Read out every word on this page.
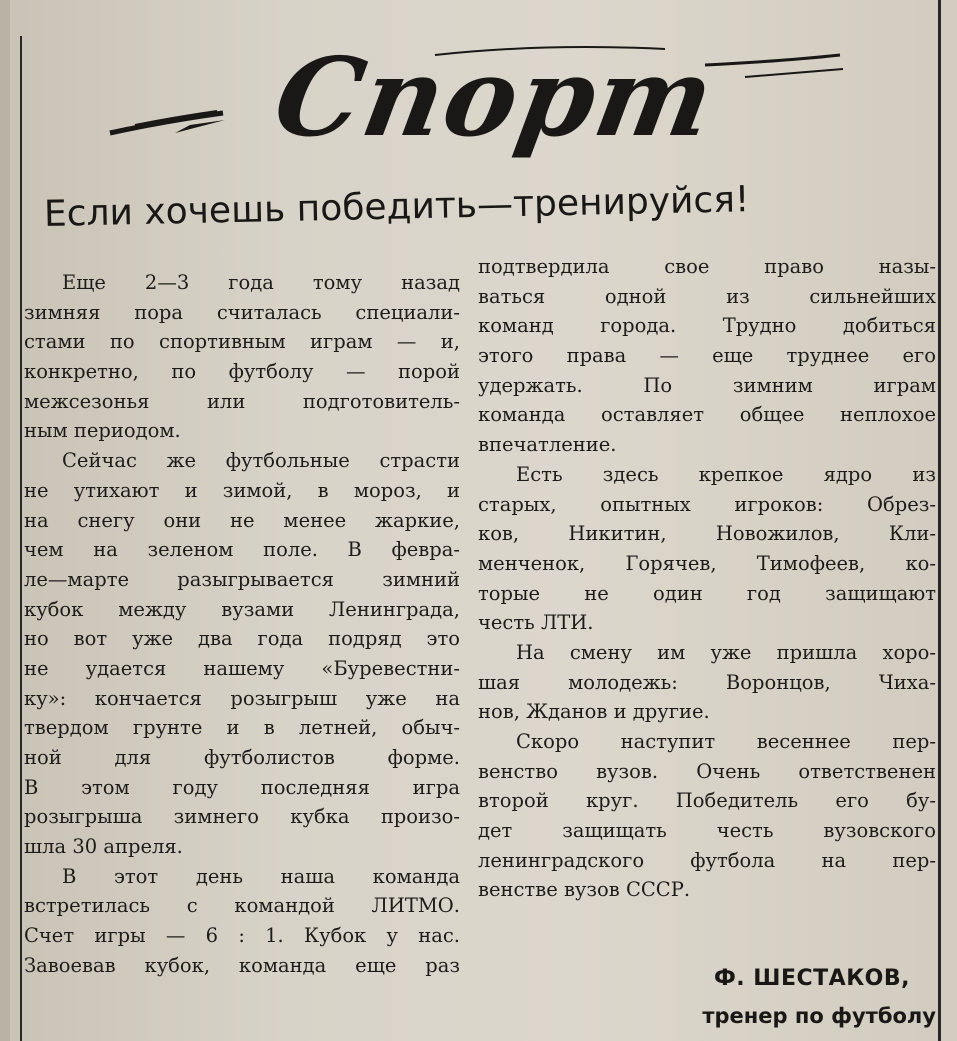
Спорт
Если хочешь победить—тренируйся!
Еще 2—3 года тому назад
зимняя пора считалась специали-
стами по спортивным играм — и,
конкретно, по футболу — порой
межсезонья или подготовитель-
ным периодом.
Сейчас же футбольные страсти
не утихают и зимой, в мороз, и
на снегу они не менее жаркие,
чем на зеленом поле. В февра-
ле—марте разыгрывается зимний
кубок между вузами Ленинграда,
но вот уже два года подряд это
не удается нашему «Буревестни-
ку»: кончается розыгрыш уже на
твердом грунте и в летней, обыч-
ной для футболистов форме.
В этом году последняя игра
розыгрыша зимнего кубка произо-
шла 30 апреля.
В этот день наша команда
встретилась с командой ЛИТМО.
Счет игры — 6 : 1. Кубок у нас.
Завоевав кубок, команда еще раз
подтвердила свое право назы-
ваться одной из сильнейших
команд города. Трудно добиться
этого права — еще труднее его
удержать. По зимним играм
команда оставляет общее неплохое
впечатление.
Есть здесь крепкое ядро из
старых, опытных игроков: Обрез-
ков, Никитин, Новожилов, Кли-
менченок, Горячев, Тимофеев, ко-
торые не один год защищают
честь ЛТИ.
На смену им уже пришла хоро-
шая молодежь: Воронцов, Чиха-
нов, Жданов и другие.
Скоро наступит весеннее пер-
венство вузов. Очень ответственен
второй круг. Победитель его бу-
дет защищать честь вузовского
ленинградского футбола на пер-
венстве вузов СССР.
Ф. ШЕСТАКОВ,
тренер по футболу
